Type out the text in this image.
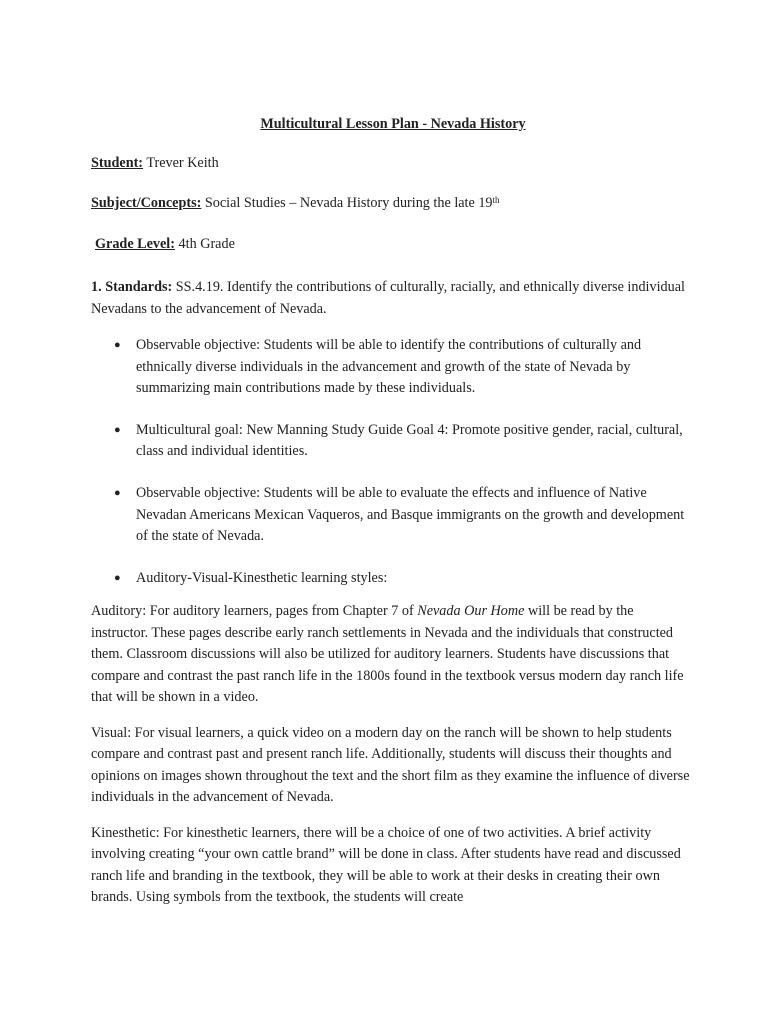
Multicultural Lesson Plan - Nevada History

Student: Trever Keith

Subject/Concepts: Social Studies – Nevada History during the late 19th

Grade Level: 4th Grade

1. Standards: SS.4.19. Identify the contributions of culturally, racially, and ethnically diverse individual Nevadans to the advancement of Nevada.

● Observable objective: Students will be able to identify the contributions of culturally and ethnically diverse individuals in the advancement and growth of the state of Nevada by summarizing main contributions made by these individuals.
● Multicultural goal: New Manning Study Guide Goal 4: Promote positive gender, racial, cultural, class and individual identities.
● Observable objective: Students will be able to evaluate the effects and influence of Native Nevadan Americans Mexican Vaqueros, and Basque immigrants on the growth and development of the state of Nevada.
● Auditory-Visual-Kinesthetic learning styles:

Auditory: For auditory learners, pages from Chapter 7 of Nevada Our Home will be read by the instructor. These pages describe early ranch settlements in Nevada and the individuals that constructed them. Classroom discussions will also be utilized for auditory learners. Students have discussions that compare and contrast the past ranch life in the 1800s found in the textbook versus modern day ranch life that will be shown in a video.

Visual: For visual learners, a quick video on a modern day on the ranch will be shown to help students compare and contrast past and present ranch life. Additionally, students will discuss their thoughts and opinions on images shown throughout the text and the short film as they examine the influence of diverse individuals in the advancement of Nevada.

Kinesthetic: For kinesthetic learners, there will be a choice of one of two activities. A brief activity involving creating “your own cattle brand” will be done in class. After students have read and discussed ranch life and branding in the textbook, they will be able to work at their desks in creating their own brands. Using symbols from the textbook, the students will create
